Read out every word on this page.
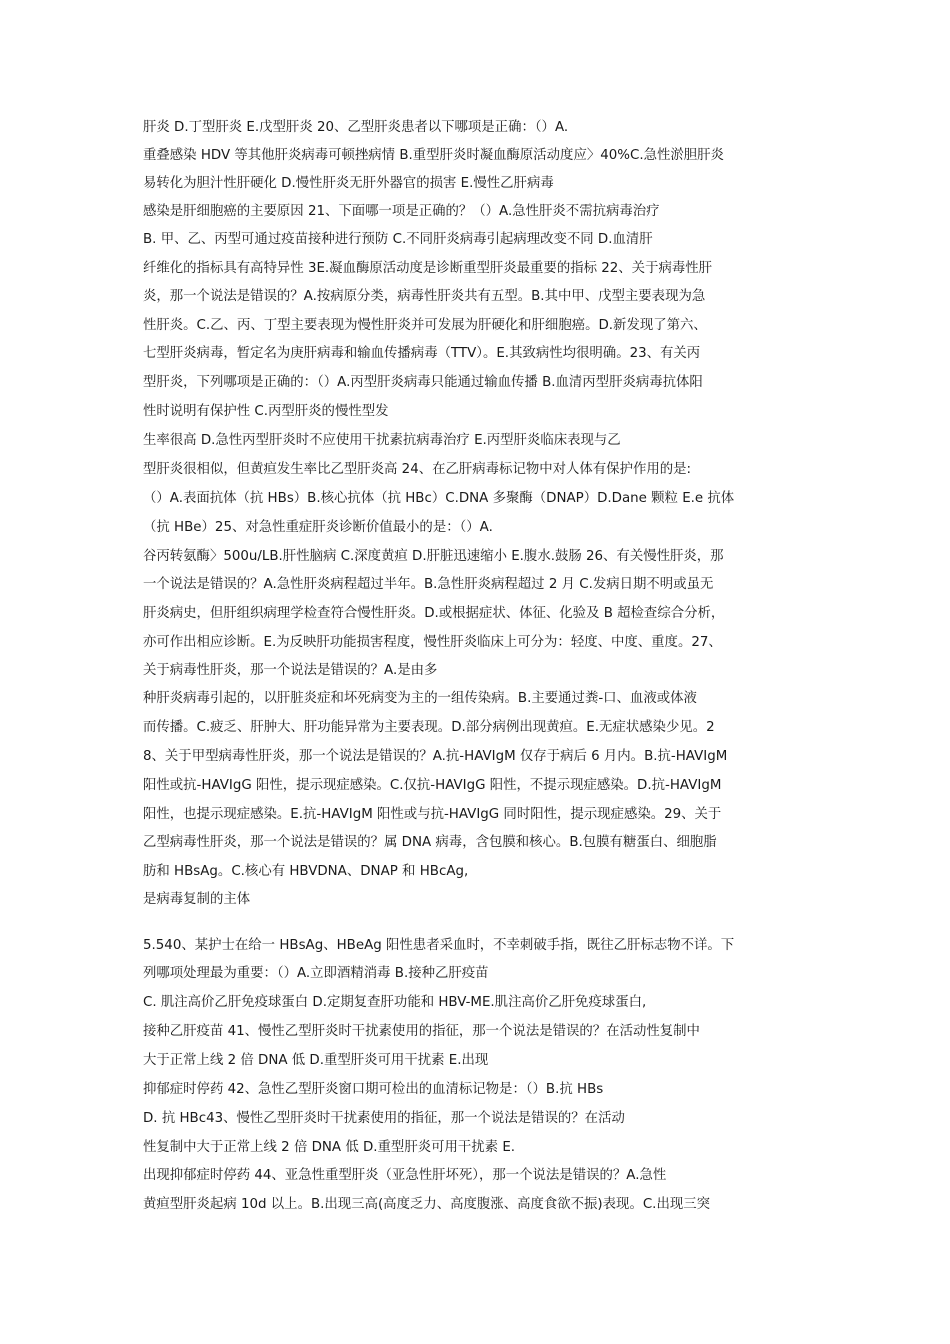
肝炎 D.丁型肝炎 E.戊型肝炎 20、乙型肝炎患者以下哪项是正确：（）A.
重叠感染 HDV 等其他肝炎病毒可顿挫病情 B.重型肝炎时凝血酶原活动度应〉40%C.急性淤胆肝炎
易转化为胆汁性肝硬化 D.慢性肝炎无肝外器官的损害 E.慢性乙肝病毒
感染是肝细胞癌的主要原因 21、下面哪一项是正确的？（）A.急性肝炎不需抗病毒治疗
B. 甲、乙、丙型可通过疫苗接种进行预防 C.不同肝炎病毒引起病理改变不同 D.血清肝
纤维化的指标具有高特异性 3E.凝血酶原活动度是诊断重型肝炎最重要的指标 22、关于病毒性肝
炎，那一个说法是错误的？A.按病原分类，病毒性肝炎共有五型。B.其中甲、戊型主要表现为急
性肝炎。C.乙、丙、丁型主要表现为慢性肝炎并可发展为肝硬化和肝细胞癌。D.新发现了第六、
七型肝炎病毒，暂定名为庚肝病毒和输血传播病毒（TTV）。E.其致病性均很明确。23、有关丙
型肝炎，下列哪项是正确的：（）A.丙型肝炎病毒只能通过输血传播 B.血清丙型肝炎病毒抗体阳
性时说明有保护性 C.丙型肝炎的慢性型发
生率很高 D.急性丙型肝炎时不应使用干扰素抗病毒治疗 E.丙型肝炎临床表现与乙
型肝炎很相似，但黄疸发生率比乙型肝炎高 24、在乙肝病毒标记物中对人体有保护作用的是:
（）A.表面抗体（抗 HBs）B.核心抗体（抗 HBc）C.DNA 多聚酶（DNAP）D.Dane 颗粒 E.e 抗体
（抗 HBe）25、对急性重症肝炎诊断价值最小的是：（）A.
谷丙转氨酶〉500u/LB.肝性脑病 C.深度黄疸 D.肝脏迅速缩小 E.腹水.鼓肠 26、有关慢性肝炎，那
一个说法是错误的？A.急性肝炎病程超过半年。B.急性肝炎病程超过 2 月 C.发病日期不明或虽无
肝炎病史，但肝组织病理学检查符合慢性肝炎。D.或根据症状、体征、化验及 B 超检查综合分析，
亦可作出相应诊断。E.为反映肝功能损害程度，慢性肝炎临床上可分为：轻度、中度、重度。27、
关于病毒性肝炎，那一个说法是错误的？A.是由多
种肝炎病毒引起的，以肝脏炎症和坏死病变为主的一组传染病。B.主要通过粪-口、血液或体液
而传播。C.疲乏、肝肿大、肝功能异常为主要表现。D.部分病例出现黄疸。E.无症状感染少见。2
8、关于甲型病毒性肝炎，那一个说法是错误的？A.抗-HAVIgM 仅存于病后 6 月内。B.抗-HAVIgM
阳性或抗-HAVIgG 阳性，提示现症感染。C.仅抗-HAVIgG 阳性，不提示现症感染。D.抗-HAVIgM
阳性，也提示现症感染。E.抗-HAVIgM 阳性或与抗-HAVIgG 同时阳性，提示现症感染。29、关于
乙型病毒性肝炎，那一个说法是错误的？属 DNA 病毒，含包膜和核心。B.包膜有糖蛋白、细胞脂
肪和 HBsAg。C.核心有 HBVDNA、DNAP 和 HBcAg,
是病毒复制的主体
5.540、某护士在给一 HBsAg、HBeAg 阳性患者采血时，不幸刺破手指，既往乙肝标志物不详。下
列哪项处理最为重要：（）A.立即酒精消毒 B.接种乙肝疫苗
C. 肌注高价乙肝免疫球蛋白 D.定期复查肝功能和 HBV-ME.肌注高价乙肝免疫球蛋白,
接种乙肝疫苗 41、慢性乙型肝炎时干扰素使用的指征，那一个说法是错误的？在活动性复制中
大于正常上线 2 倍 DNA 低 D.重型肝炎可用干扰素 E.出现
抑郁症时停药 42、急性乙型肝炎窗口期可检出的血清标记物是：（）B.抗 HBs
D. 抗 HBc43、慢性乙型肝炎时干扰素使用的指征，那一个说法是错误的？在活动
性复制中大于正常上线 2 倍 DNA 低 D.重型肝炎可用干扰素 E.
出现抑郁症时停药 44、亚急性重型肝炎（亚急性肝坏死），那一个说法是错误的？A.急性
黄疸型肝炎起病 10d 以上。B.出现三高(高度乏力、高度腹涨、高度食欲不振)表现。C.出现三突
